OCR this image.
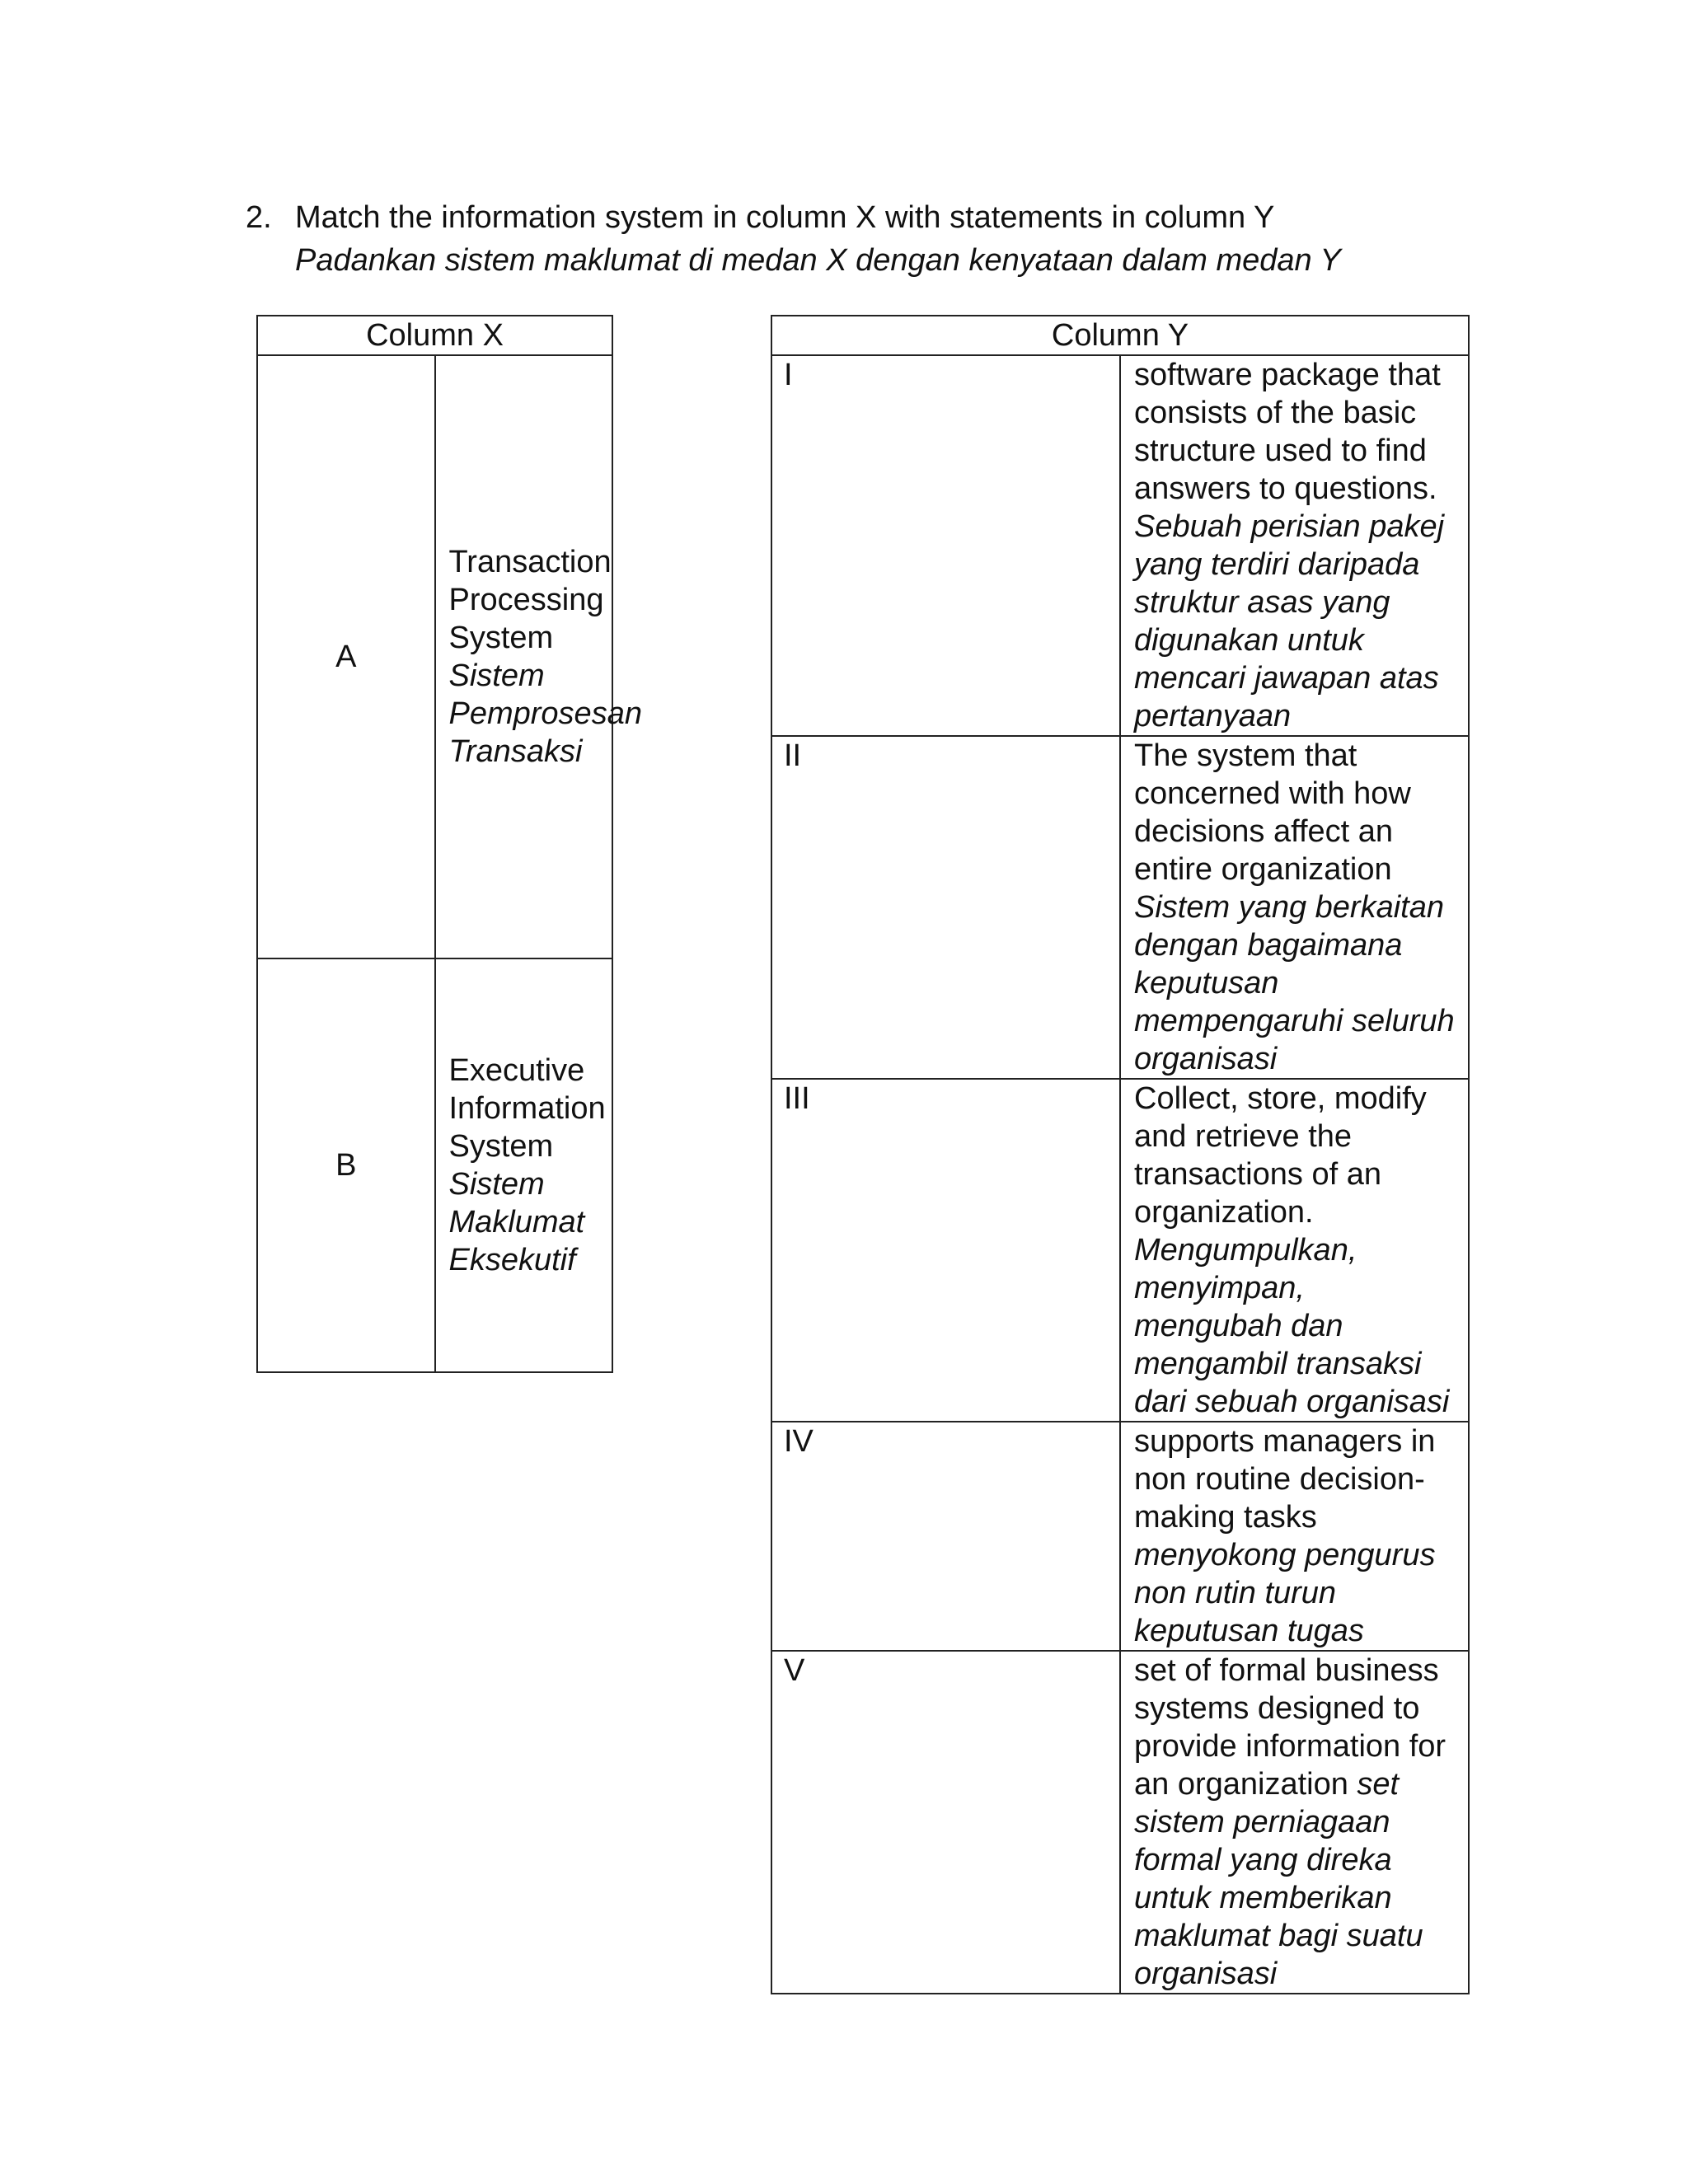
2. Match the information system in column X with statements in column Y
Padankan sistem maklumat di medan X dengan kenyataan dalam medan Y
Column X	
A	Transaction Processing System Sistem Pemprosesan Transaksi
B	Executive Information System
Sistem Maklumat Eksekutif
Column Y	
I	software package that consists of the basic structure used to find answers to questions. Sebuah perisian pakej yang terdiri daripada struktur asas yang digunakan untuk mencari jawapan atas pertanyaan
II	The system that concerned with how decisions affect an entire organization Sistem yang berkaitan dengan bagaimana keputusan mempengaruhi seluruh organisasi
III	Collect, store, modify and retrieve the transactions of an organization. Mengumpulkan, menyimpan, mengubah dan mengambil transaksi dari sebuah organisasi
IV	supports managers in non routine decision-making tasks menyokong pengurus non rutin turun keputusan tugas
V	set of formal business systems designed to provide information for an organization set sistem perniagaan formal yang direka untuk memberikan maklumat bagi suatu organisasi
